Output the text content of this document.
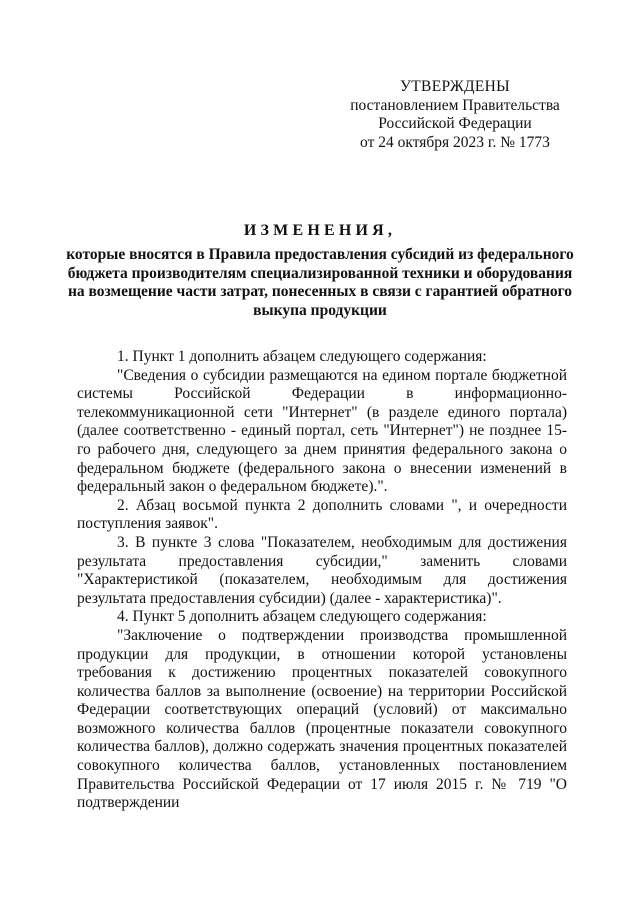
УТВЕРЖДЕНЫ
постановлением Правительства
Российской Федерации
от 24 октября 2023 г. № 1773
ИЗМЕНЕНИЯ,
которые вносятся в Правила предоставления субсидий из федерального бюджета производителям специализированной техники и оборудования на возмещение части затрат, понесенных в связи с гарантией обратного выкупа продукции

1. Пункт 1 дополнить абзацем следующего содержания:

"Сведения о субсидии размещаются на едином портале бюджетной системы Российской Федерации в информационно-телекоммуникационной сети "Интернет" (в разделе единого портала) (далее соответственно - единый портал, сеть "Интернет") не позднее 15-го рабочего дня, следующего за днем принятия федерального закона о федеральном бюджете (федерального закона о внесении изменений в федеральный закон о федеральном бюджете).".

2. Абзац восьмой пункта 2 дополнить словами ", и очередности поступления заявок".

3. В пункте 3 слова "Показателем, необходимым для достижения результата предоставления субсидии," заменить словами "Характеристикой (показателем, необходимым для достижения результата предоставления субсидии) (далее - характеристика)".

4. Пункт 5 дополнить абзацем следующего содержания:

"Заключение о подтверждении производства промышленной продукции для продукции, в отношении которой установлены требования к достижению процентных показателей совокупного количества баллов за выполнение (освоение) на территории Российской Федерации соответствующих операций (условий) от максимально возможного количества баллов (процентные показатели совокупного количества баллов), должно содержать значения процентных показателей совокупного количества баллов, установленных постановлением Правительства Российской Федерации от 17 июля 2015 г. № 719 "О подтверждении
